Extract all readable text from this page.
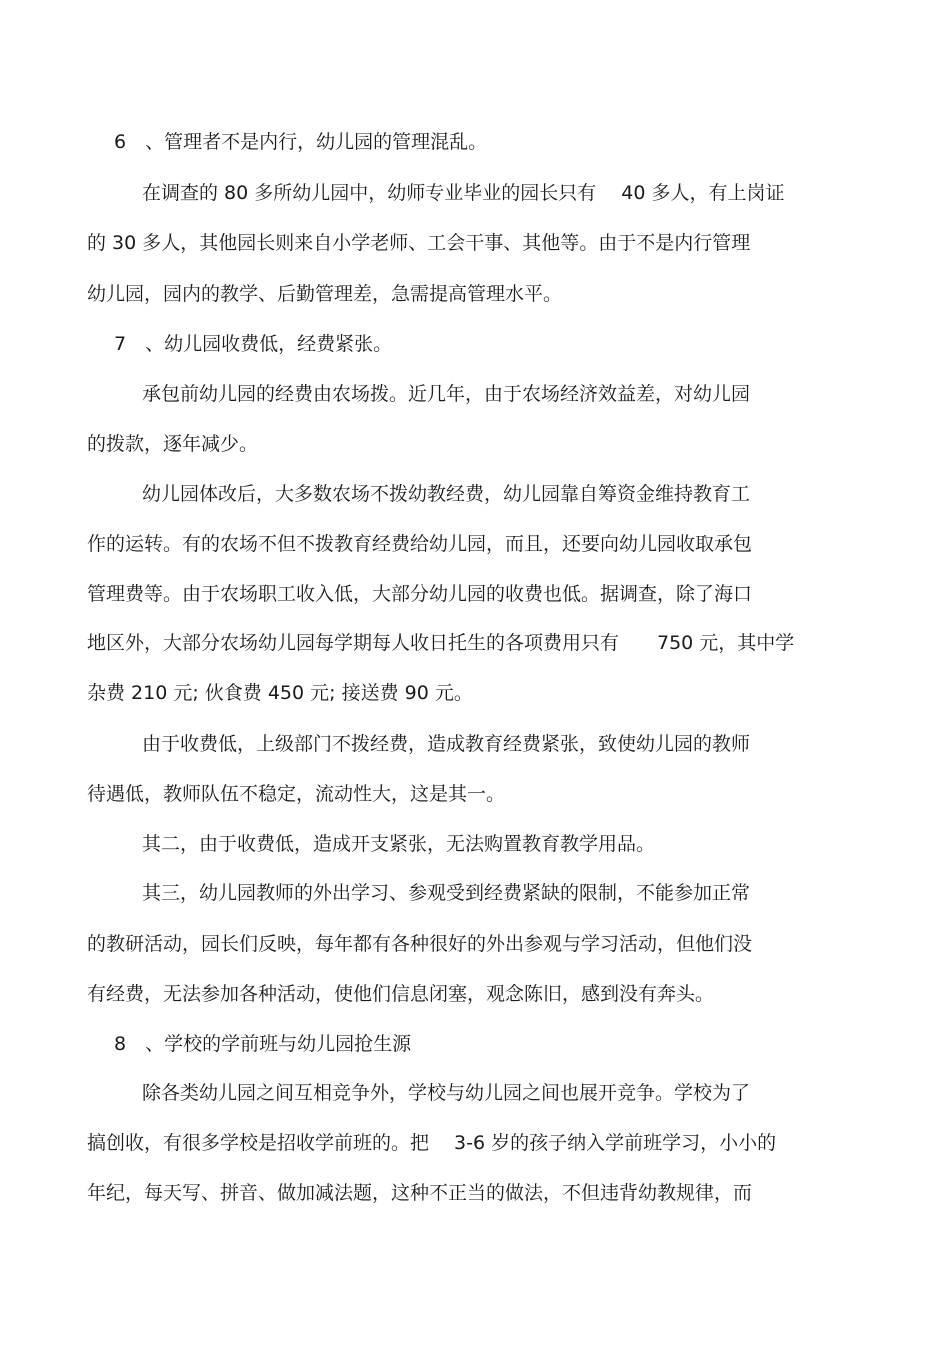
6　、管理者不是内行，幼儿园的管理混乱。
在调查的 80 多所幼儿园中，幼师专业毕业的园长只有　 40 多人，有上岗证
的 30 多人，其他园长则来自小学老师、工会干事、其他等。由于不是内行管理
幼儿园，园内的教学、后勤管理差，急需提高管理水平。
7　、幼儿园收费低，经费紧张。
承包前幼儿园的经费由农场拨。近几年，由于农场经济效益差，对幼儿园
的拨款，逐年减少。
幼儿园体改后，大多数农场不拨幼教经费，幼儿园靠自筹资金维持教育工
作的运转。有的农场不但不拨教育经费给幼儿园，而且，还要向幼儿园收取承包
管理费等。由于农场职工收入低，大部分幼儿园的收费也低。据调查，除了海口
地区外，大部分农场幼儿园每学期每人收日托生的各项费用只有　　750 元，其中学
杂费 210 元; 伙食费 450 元; 接送费 90 元。
由于收费低，上级部门不拨经费，造成教育经费紧张，致使幼儿园的教师
待遇低，教师队伍不稳定，流动性大，这是其一。
其二，由于收费低，造成开支紧张，无法购置教育教学用品。
其三，幼儿园教师的外出学习、参观受到经费紧缺的限制，不能参加正常
的教研活动，园长们反映，每年都有各种很好的外出参观与学习活动，但他们没
有经费，无法参加各种活动，使他们信息闭塞，观念陈旧，感到没有奔头。
8　、学校的学前班与幼儿园抢生源
除各类幼儿园之间互相竞争外，学校与幼儿园之间也展开竞争。学校为了
搞创收，有很多学校是招收学前班的。把　 3-6 岁的孩子纳入学前班学习，小小的
年纪，每天写、拼音、做加减法题，这种不正当的做法，不但违背幼教规律，而
